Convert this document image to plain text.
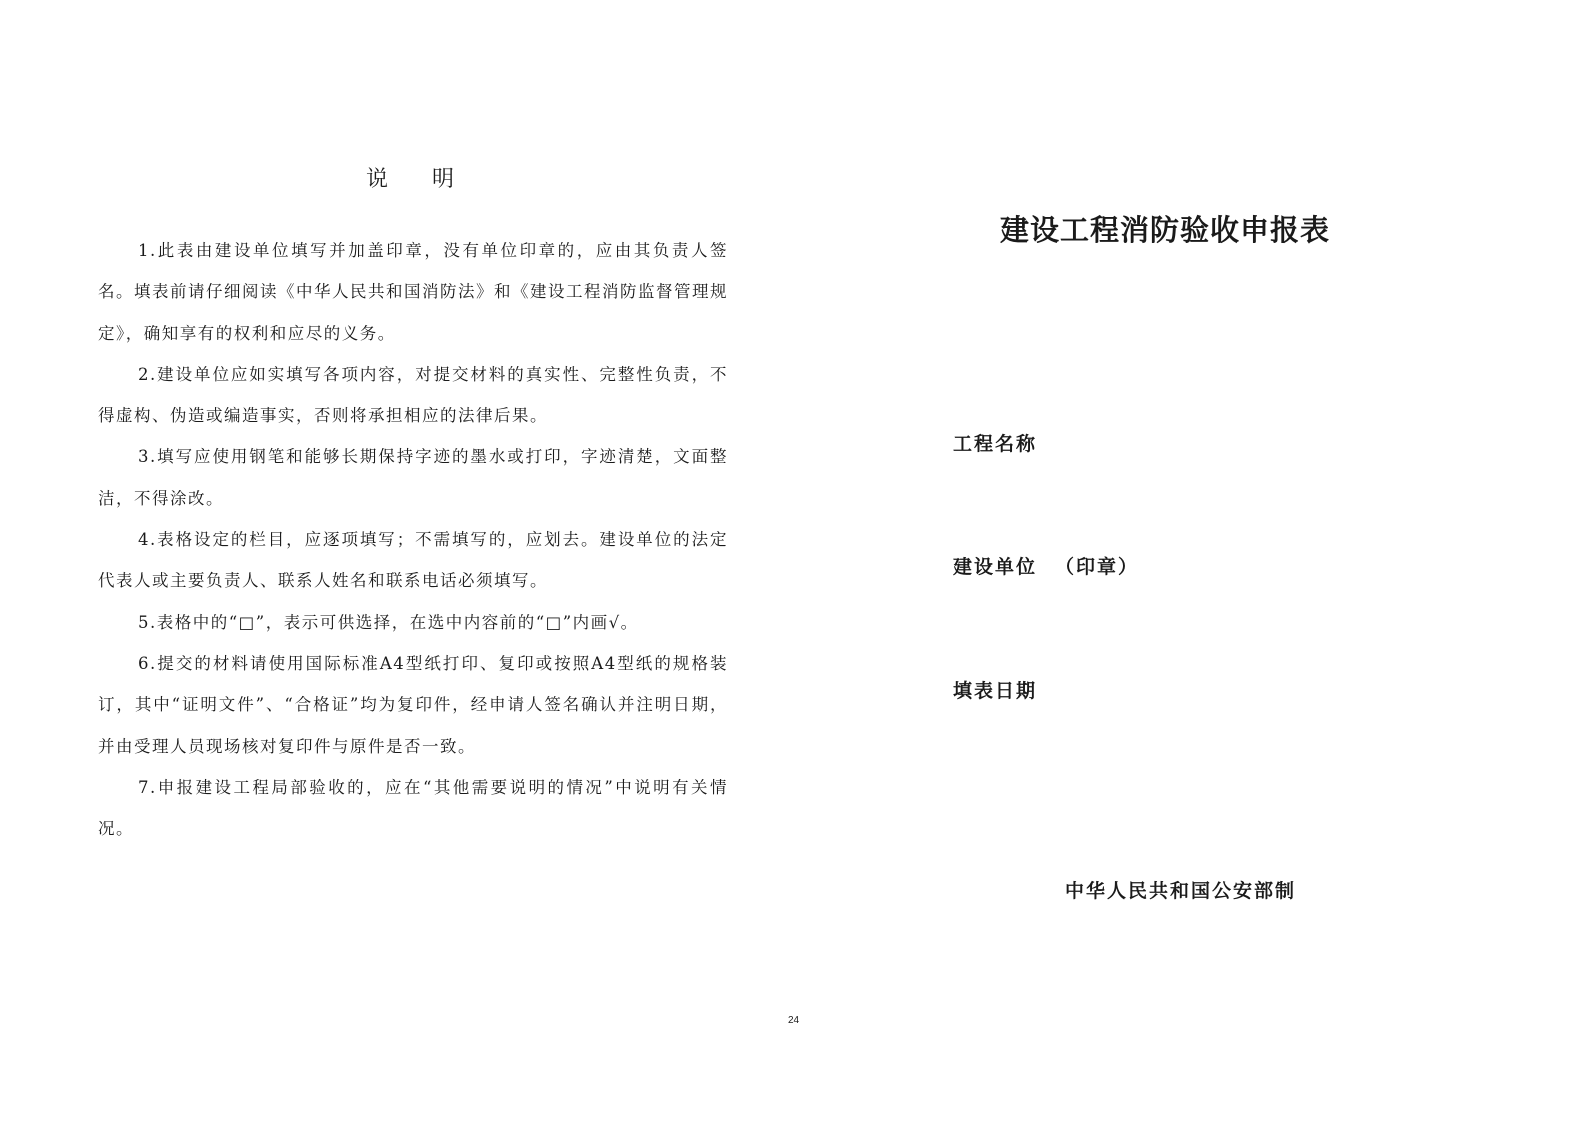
说明
1.此表由建设单位填写并加盖印章，没有单位印章的，应由其负责人签名。填表前请仔细阅读《中华人民共和国消防法》和《建设工程消防监督管理规定》，确知享有的权利和应尽的义务。
2.建设单位应如实填写各项内容，对提交材料的真实性、完整性负责，不得虚构、伪造或编造事实，否则将承担相应的法律后果。
3.填写应使用钢笔和能够长期保持字迹的墨水或打印，字迹清楚，文面整洁，不得涂改。
4.表格设定的栏目，应逐项填写；不需填写的，应划去。建设单位的法定代表人或主要负责人、联系人姓名和联系电话必须填写。
5.表格中的“□”，表示可供选择，在选中内容前的“□”内画√。
6.提交的材料请使用国际标准A4型纸打印、复印或按照A4型纸的规格装订，其中“证明文件”、“合格证”均为复印件，经申请人签名确认并注明日期，并由受理人员现场核对复印件与原件是否一致。
7.申报建设工程局部验收的，应在“其他需要说明的情况”中说明有关情况。
建设工程消防验收申报表
工程名称
建设单位 （印章）
填表日期
中华人民共和国公安部制
24
